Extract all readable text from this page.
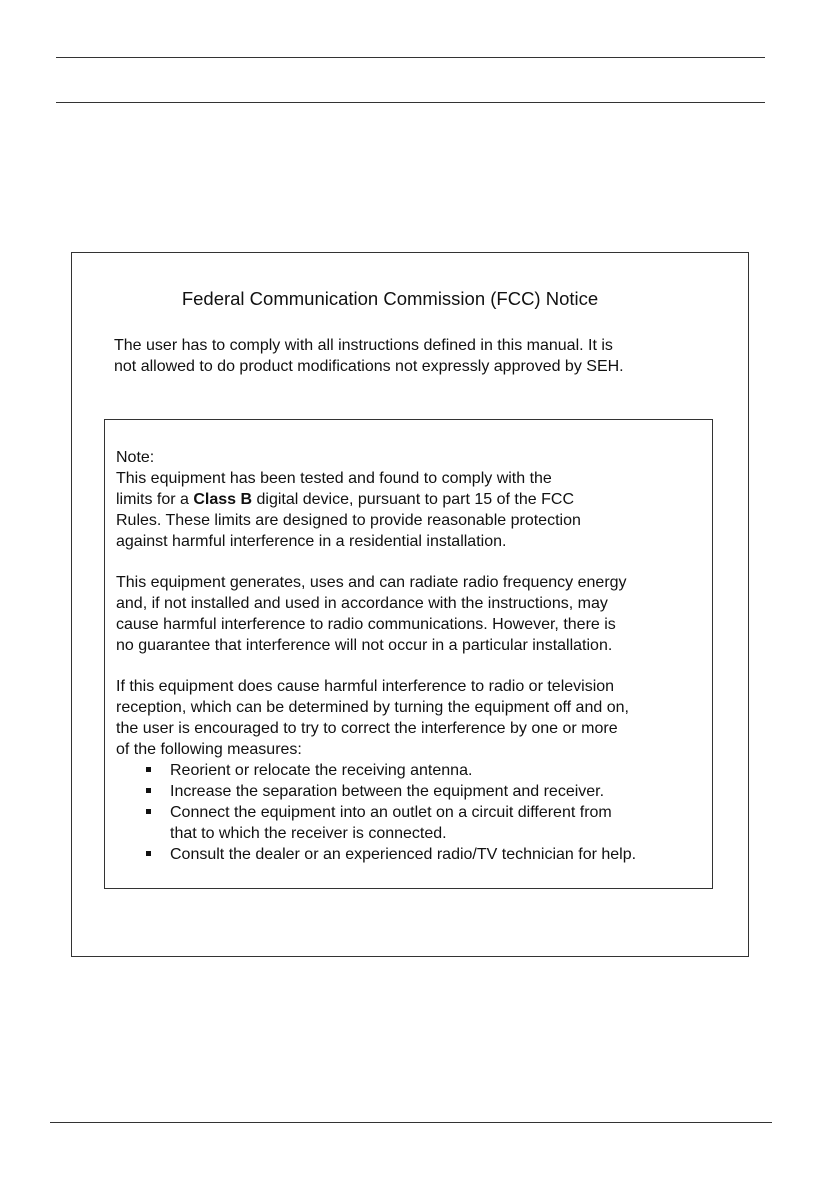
Federal Communication Commission (FCC) Notice
The user has to comply with all instructions defined in this manual. It is
not allowed to do product modifications not expressly approved by SEH.
Note:
This equipment has been tested and found to comply with the
limits for a Class B digital device, pursuant to part 15 of the FCC
Rules. These limits are designed to provide reasonable protection
against harmful interference in a residential installation.
This equipment generates, uses and can radiate radio frequency energy
and, if not installed and used in accordance with the instructions, may
cause harmful interference to radio communications. However, there is
no guarantee that interference will not occur in a particular installation.
If this equipment does cause harmful interference to radio or television
reception, which can be determined by turning the equipment off and on,
the user is encouraged to try to correct the interference by one or more
of the following measures:
Reorient or relocate the receiving antenna.
Increase the separation between the equipment and receiver.
Connect the equipment into an outlet on a circuit different from
that to which the receiver is connected.
Consult the dealer or an experienced radio/TV technician for help.
